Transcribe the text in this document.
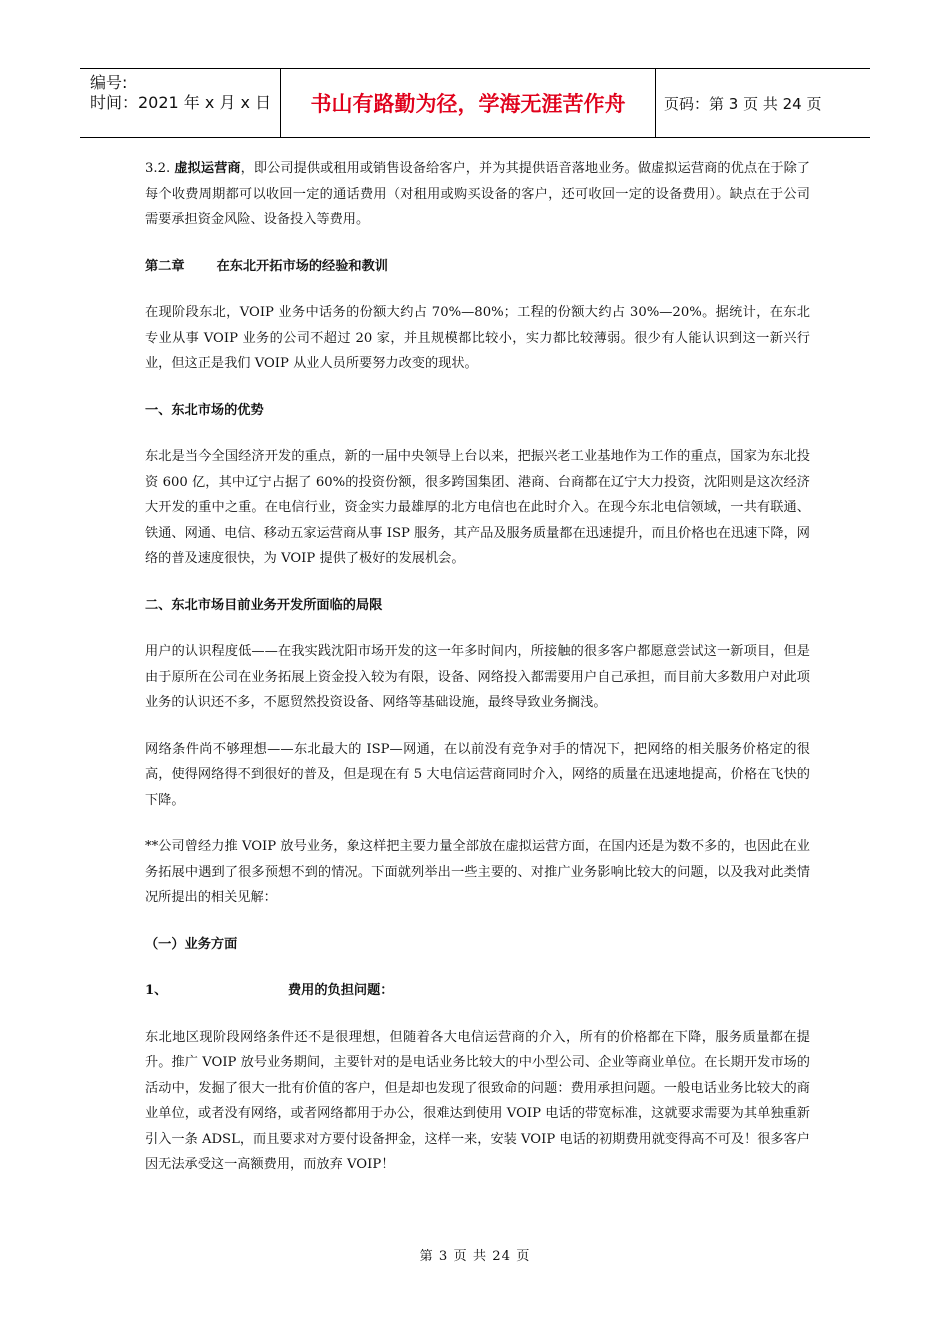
编号:
时间：2021 年 x 月 x 日	书山有路勤为径，学海无涯苦作舟	页码：第 3 页 共 24 页

3.2. 虚拟运营商，即公司提供或租用或销售设备给客户，并为其提供语音落地业务。做虚拟运营商的优点在于除了每个收费周期都可以收回一定的通话费用（对租用或购买设备的客户，还可收回一定的设备费用）。缺点在于公司需要承担资金风险、设备投入等费用。

第二章 在东北开拓市场的经验和教训

在现阶段东北，VOIP 业务中话务的份额大约占 70%—80%；工程的份额大约占 30%—20%。据统计，在东北专业从事 VOIP 业务的公司不超过 20 家，并且规模都比较小，实力都比较薄弱。很少有人能认识到这一新兴行业，但这正是我们 VOIP 从业人员所要努力改变的现状。

一、东北市场的优势

东北是当今全国经济开发的重点，新的一届中央领导上台以来，把振兴老工业基地作为工作的重点，国家为东北投资 600 亿，其中辽宁占据了 60%的投资份额，很多跨国集团、港商、台商都在辽宁大力投资，沈阳则是这次经济大开发的重中之重。在电信行业，资金实力最雄厚的北方电信也在此时介入。在现今东北电信领域，一共有联通、铁通、网通、电信、移动五家运营商从事 ISP 服务，其产品及服务质量都在迅速提升，而且价格也在迅速下降，网络的普及速度很快，为 VOIP 提供了极好的发展机会。

二、东北市场目前业务开发所面临的局限

用户的认识程度低——在我实践沈阳市场开发的这一年多时间内，所接触的很多客户都愿意尝试这一新项目，但是由于原所在公司在业务拓展上资金投入较为有限，设备、网络投入都需要用户自己承担，而目前大多数用户对此项业务的认识还不多，不愿贸然投资设备、网络等基础设施，最终导致业务搁浅。

网络条件尚不够理想——东北最大的 ISP—网通，在以前没有竞争对手的情况下，把网络的相关服务价格定的很高，使得网络得不到很好的普及，但是现在有 5 大电信运营商同时介入，网络的质量在迅速地提高，价格在飞快的下降。

**公司曾经力推 VOIP 放号业务，象这样把主要力量全部放在虚拟运营方面，在国内还是为数不多的，也因此在业务拓展中遇到了很多预想不到的情况。下面就列举出一些主要的、对推广业务影响比较大的问题，以及我对此类情况所提出的相关见解：

（一）业务方面

1、	费用的负担问题：

东北地区现阶段网络条件还不是很理想，但随着各大电信运营商的介入，所有的价格都在下降，服务质量都在提升。推广 VOIP 放号业务期间，主要针对的是电话业务比较大的中小型公司、企业等商业单位。在长期开发市场的活动中，发掘了很大一批有价值的客户，但是却也发现了很致命的问题：费用承担问题。一般电话业务比较大的商业单位，或者没有网络，或者网络都用于办公，很难达到使用 VOIP 电话的带宽标准，这就要求需要为其单独重新引入一条 ADSL，而且要求对方要付设备押金，这样一来，安装 VOIP 电话的初期费用就变得高不可及！很多客户因无法承受这一高额费用，而放弃 VOIP！

第 3 页 共 24 页
